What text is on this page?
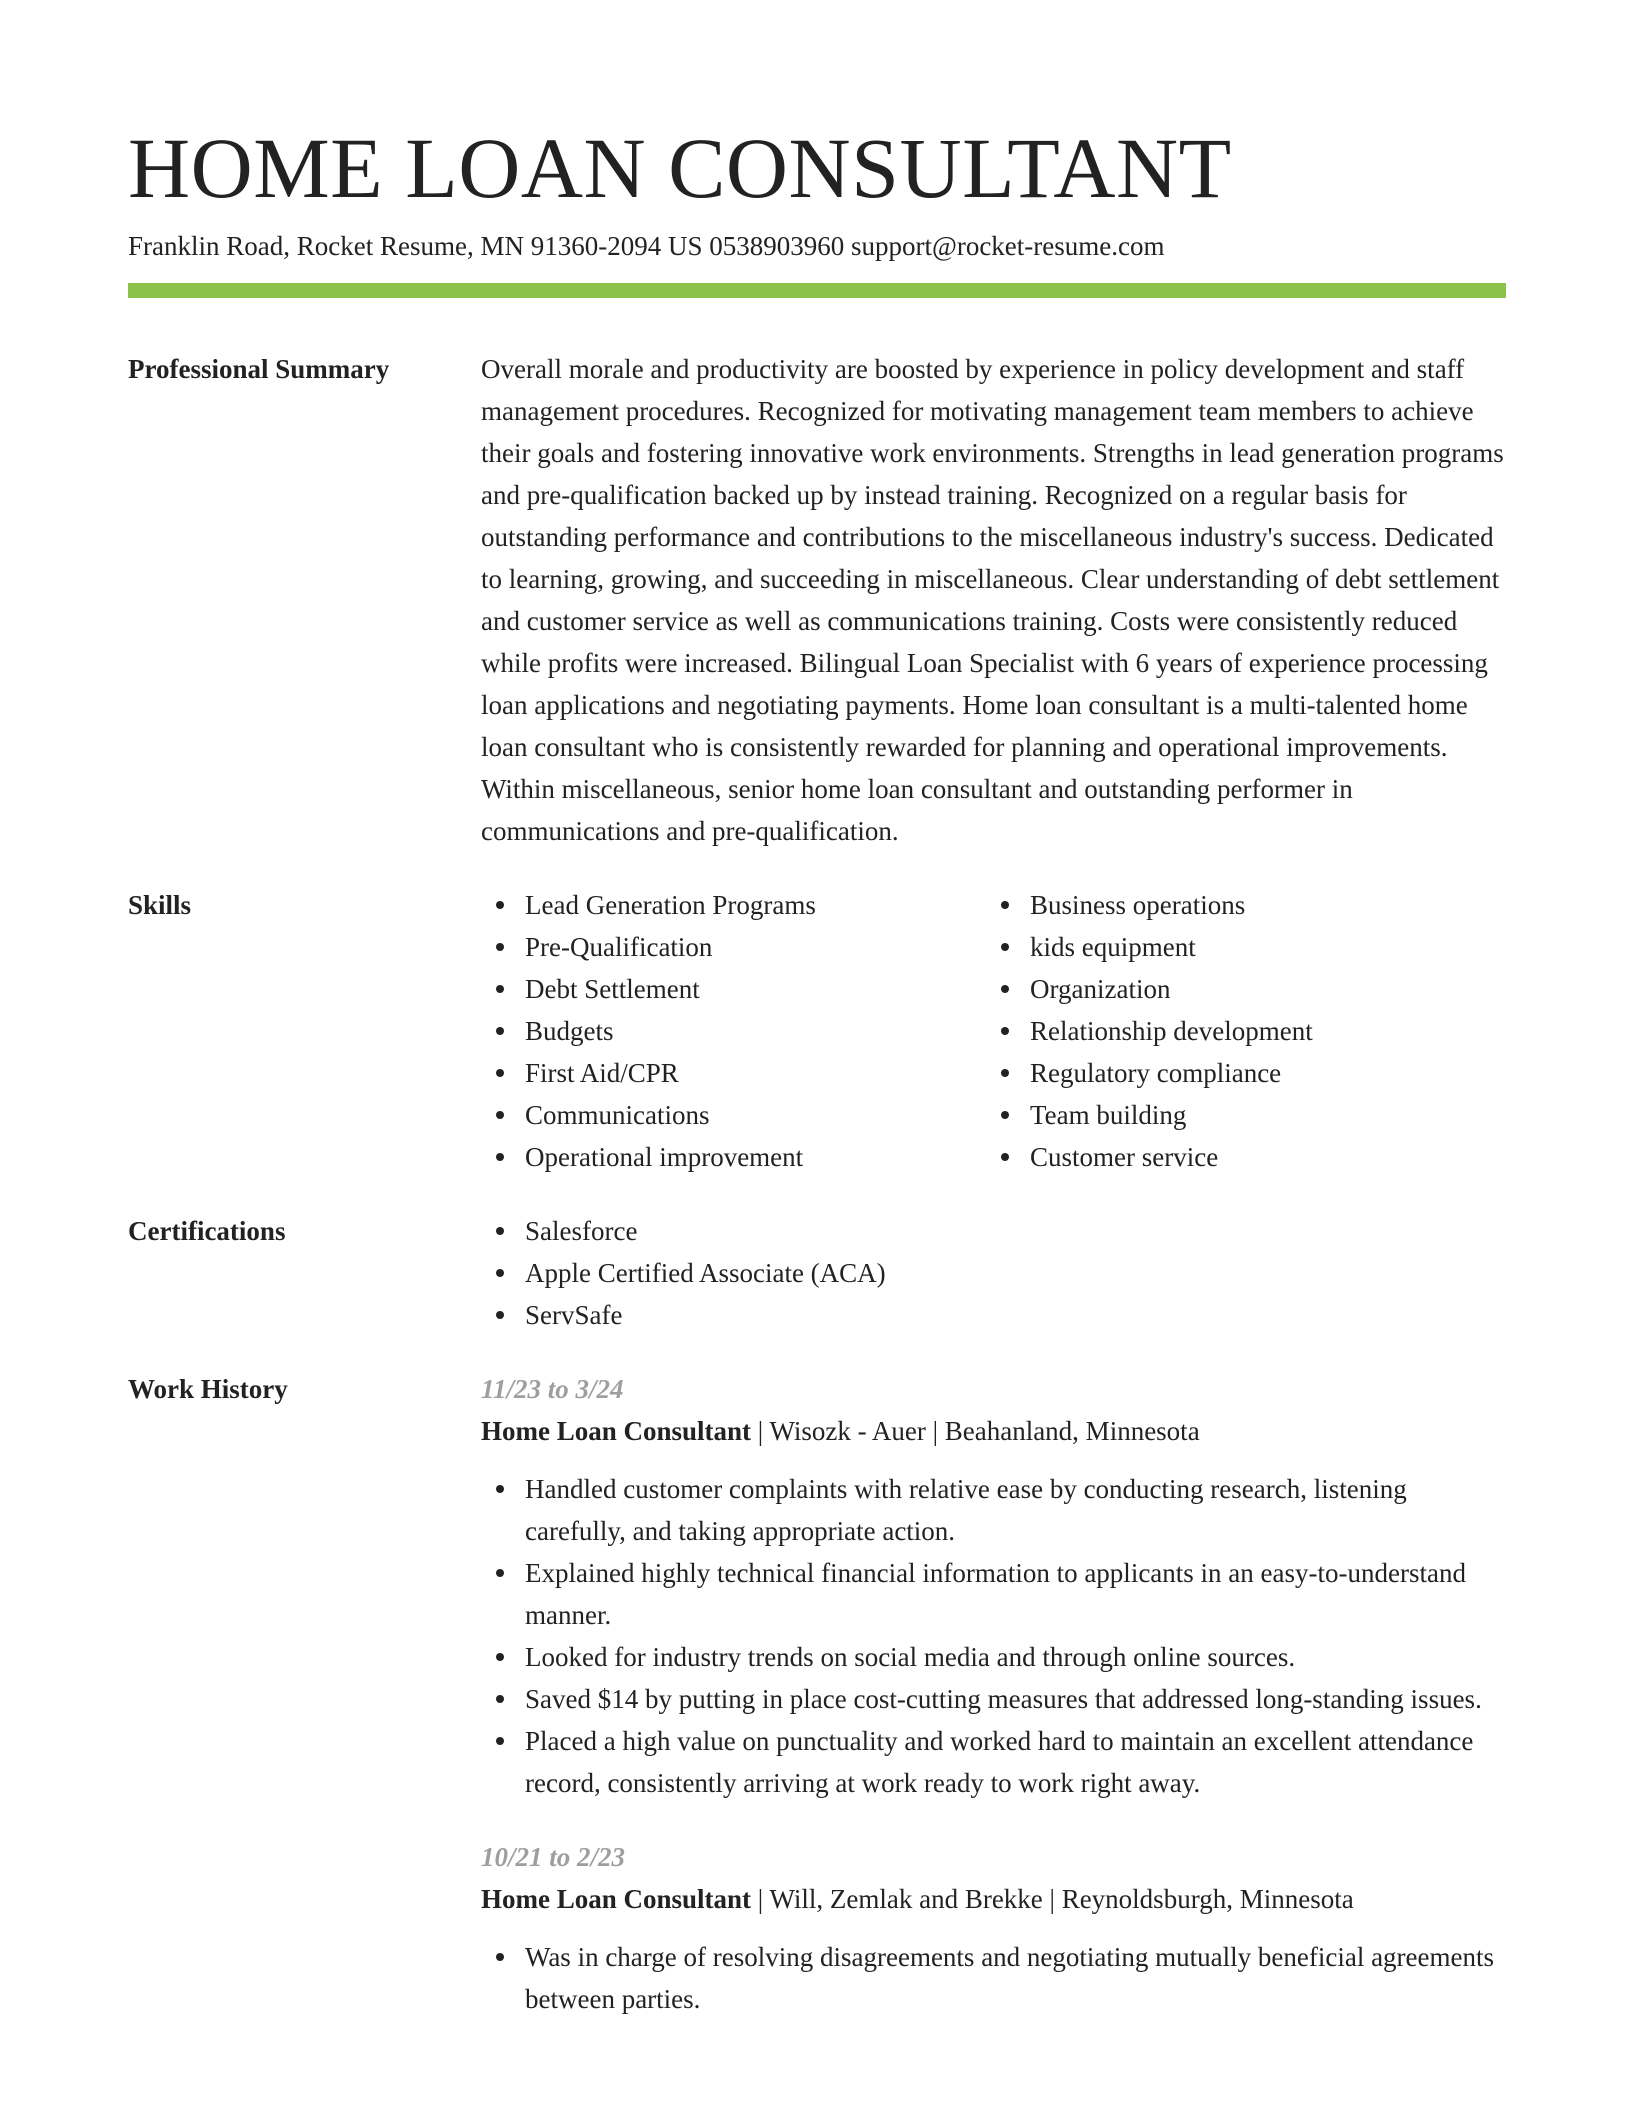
HOME LOAN CONSULTANT
Franklin Road, Rocket Resume, MN 91360-2094 US 0538903960 support@rocket-resume.com
Professional Summary	Overall morale and productivity are boosted by experience in policy development and staff management procedures. Recognized for motivating management team members to achieve their goals and fostering innovative work environments. Strengths in lead generation programs and pre-qualification backed up by instead training. Recognized on a regular basis for outstanding performance and contributions to the miscellaneous industry's success. Dedicated to learning, growing, and succeeding in miscellaneous. Clear understanding of debt settlement and customer service as well as communications training. Costs were consistently reduced while profits were increased. Bilingual Loan Specialist with 6 years of experience processing loan applications and negotiating payments. Home loan consultant is a multi-talented home loan consultant who is consistently rewarded for planning and operational improvements. Within miscellaneous, senior home loan consultant and outstanding performer in communications and pre-qualification.
Skills	Lead Generation Programs
Pre-Qualification
Debt Settlement
Budgets
First Aid/CPR
Communications
Operational improvement
Business operations
kids equipment
Organization
Relationship development
Regulatory compliance
Team building
Customer service
Certifications	Salesforce
Apple Certified Associate (ACA)
ServSafe
Work History	11/23 to 3/24
Home Loan Consultant | Wisozk - Auer | Beahanland, Minnesota
Handled customer complaints with relative ease by conducting research, listening carefully, and taking appropriate action.
Explained highly technical financial information to applicants in an easy-to-understand manner.
Looked for industry trends on social media and through online sources.
Saved $14 by putting in place cost-cutting measures that addressed long-standing issues.
Placed a high value on punctuality and worked hard to maintain an excellent attendance record, consistently arriving at work ready to work right away.
10/21 to 2/23
Home Loan Consultant | Will, Zemlak and Brekke | Reynoldsburgh, Minnesota
Was in charge of resolving disagreements and negotiating mutually beneficial agreements between parties.
